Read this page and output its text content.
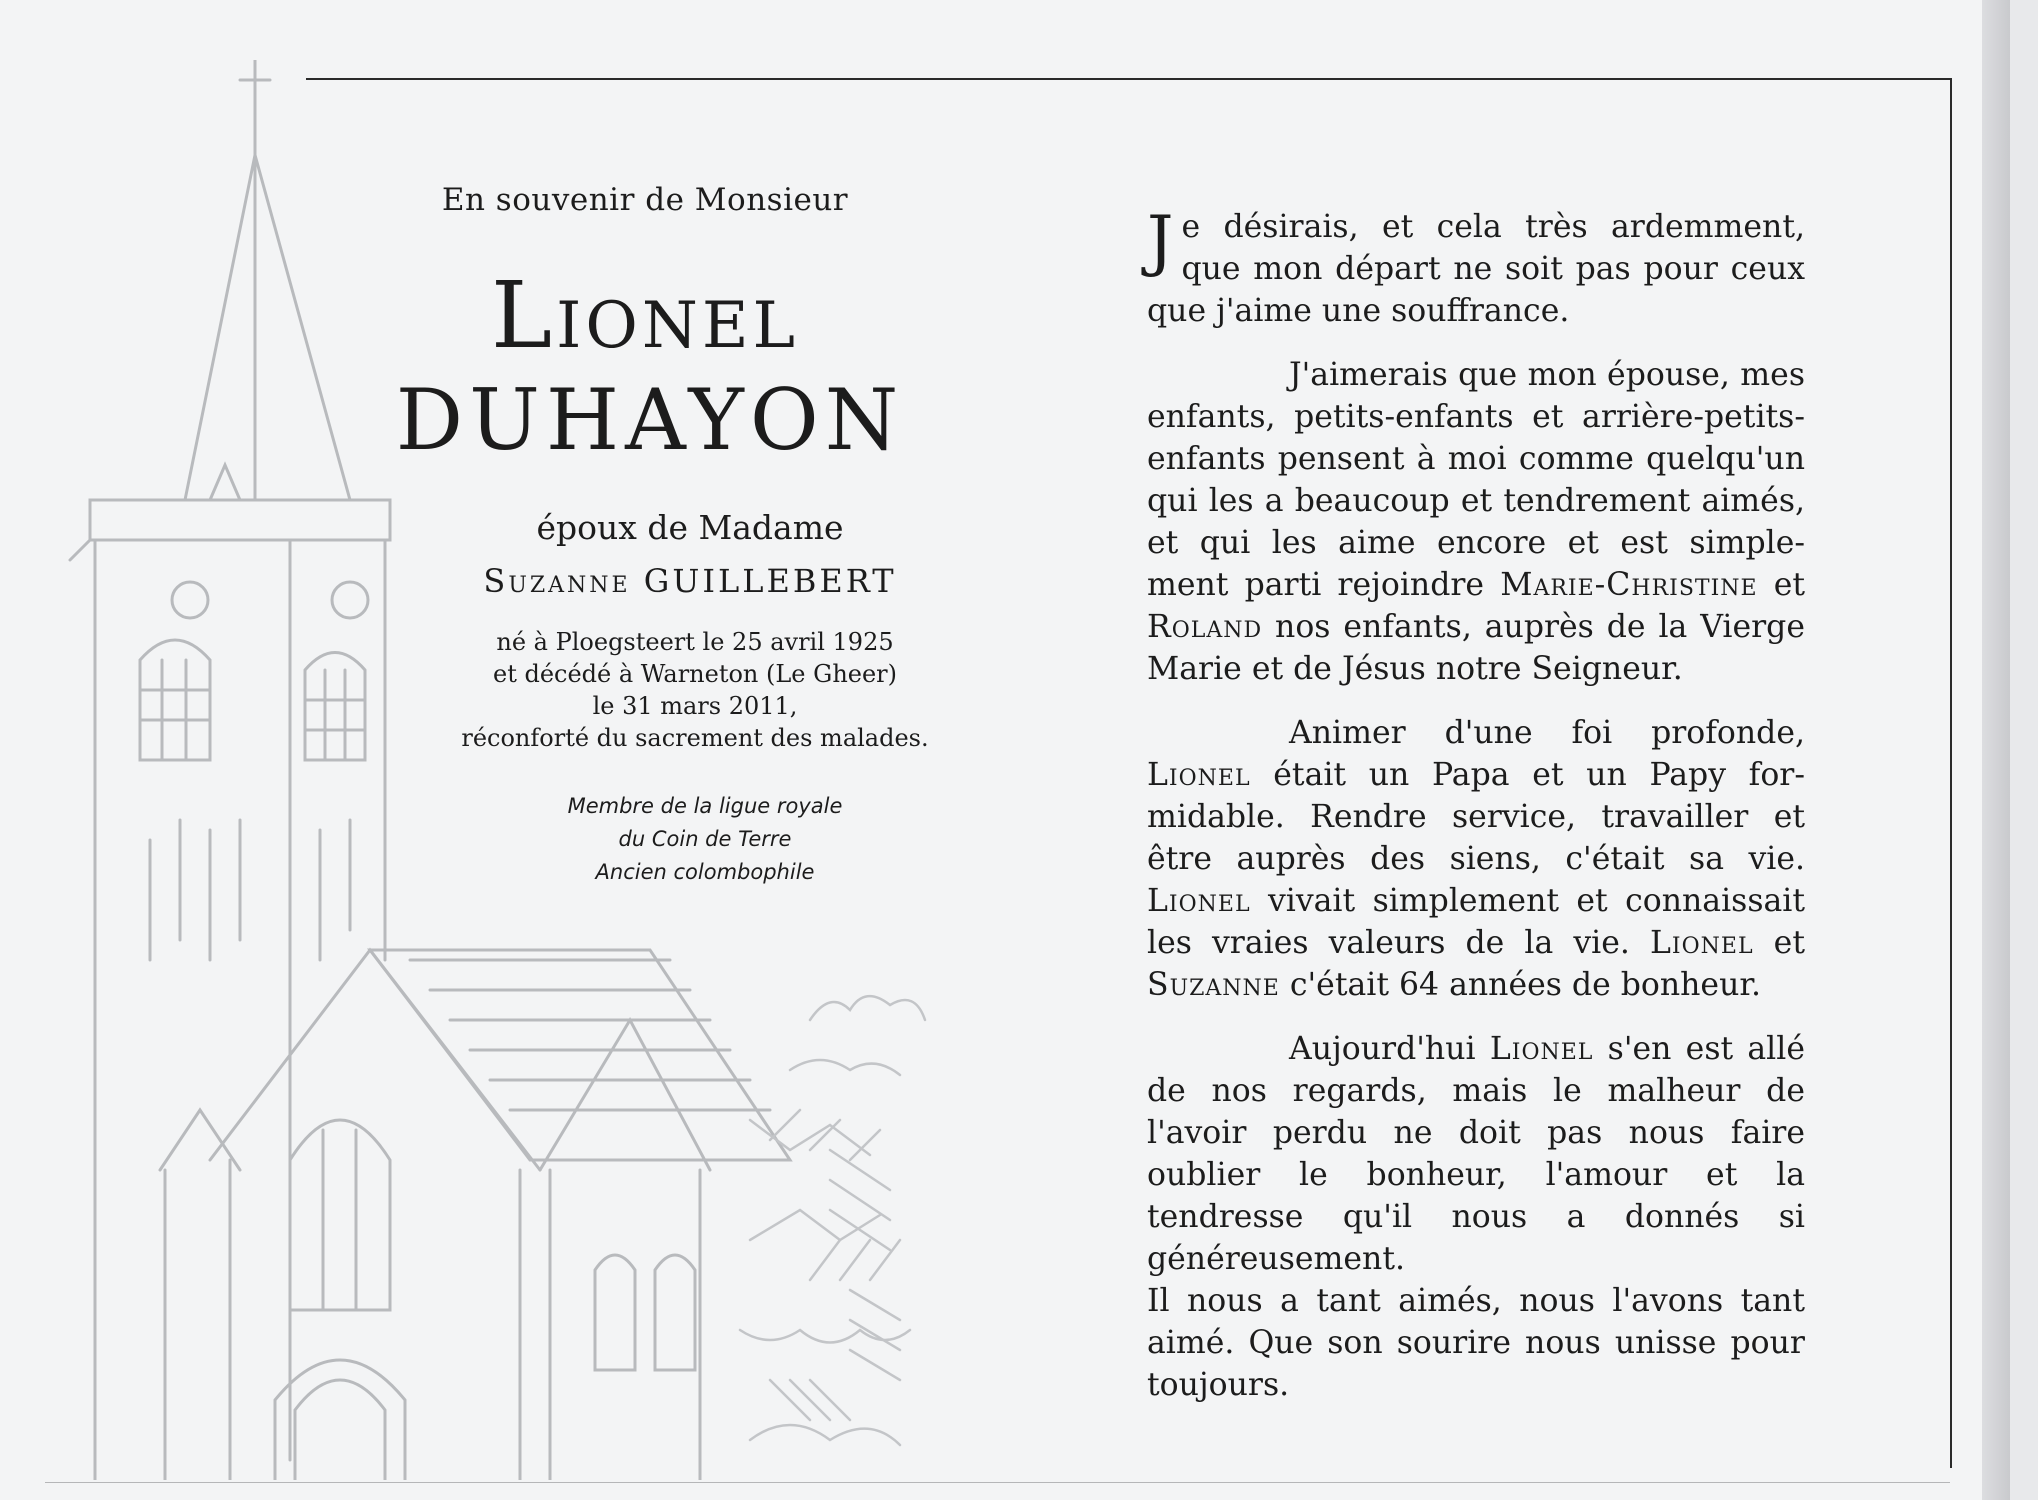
En souvenir de Monsieur
Lionel
DUHAYON
époux de Madame
Suzanne GUILLEBERT
né à Ploegsteert le 25 avril 1925
et décédé à Warneton (Le Gheer)
le 31 mars 2011,
réconforté du sacrement des malades.
Membre de la ligue royale
du Coin de Terre
Ancien colombophile

Je désirais, et cela très ardemment, que mon départ ne soit pas pour ceux que j'aime une souffrance.

J'aimerais que mon épouse, mes enfants, petits-enfants et arrière-petits-enfants pensent à moi comme quelqu'un qui les a beaucoup et tendrement aimés, et qui les aime encore et est simple-ment parti rejoindre Marie-Christine et Roland nos enfants, auprès de la Vierge Marie et de Jésus notre Seigneur.

Animer d'une foi profonde, Lionel était un Papa et un Papy for-midable. Rendre service, travailler et être auprès des siens, c'était sa vie. Lionel vivait simplement et connaissait les vraies valeurs de la vie. Lionel et Suzanne c'était 64 années de bonheur.

Aujourd'hui Lionel s'en est allé de nos regards, mais le malheur de l'avoir perdu ne doit pas nous faire oublier le bonheur, l'amour et la tendresse qu'il nous a donnés si généreusement.

Il nous a tant aimés, nous l'avons tant aimé. Que son sourire nous unisse pour toujours.
